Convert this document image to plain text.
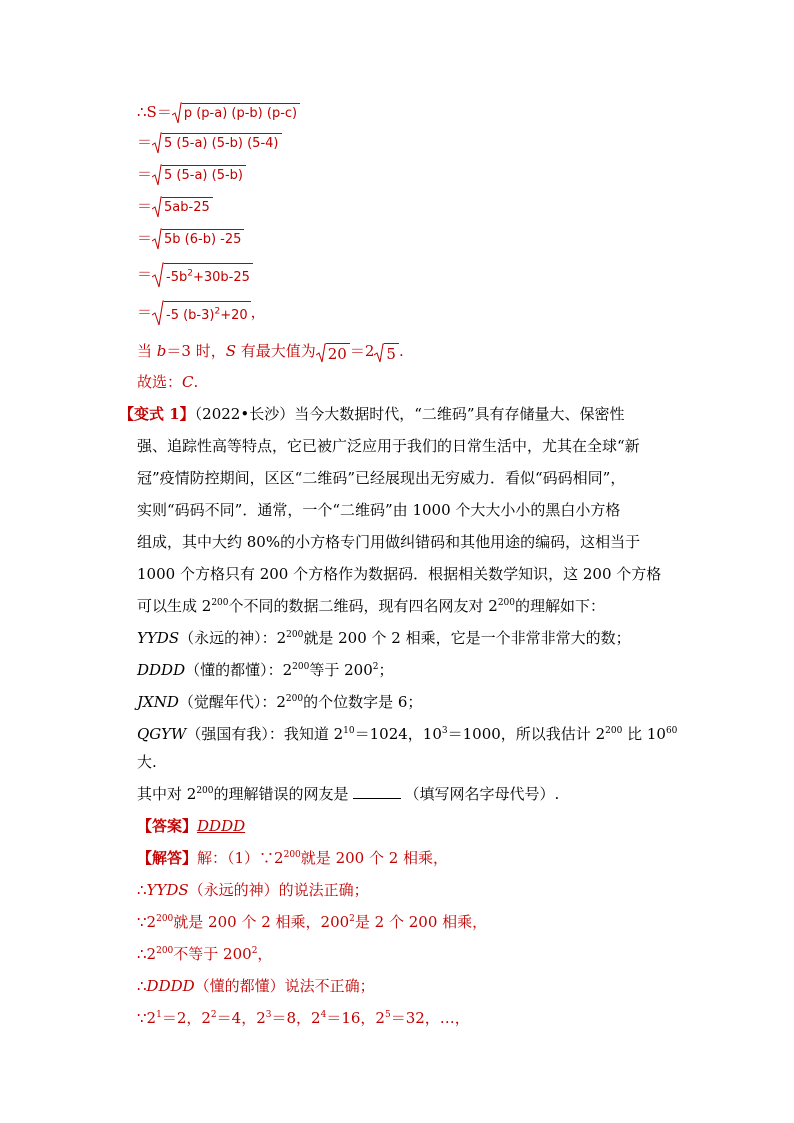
∴S＝ p (p-a) (p-b) (p-c)
＝ 5 (5-a) (5-b) (5-4)
＝ 5 (5-a) (5-b)
＝ 5ab-25
＝ 5b (6-b) -25
＝ $-5b^2+30b-25$
＝ -5 $(b-3)^2+20$ ，
当 b＝3 时，S 有最大值为 20 ＝2 5 .
故选：C.
【变式 1】（2022•长沙）当今大数据时代，“二维码”具有存储量大、保密性
强、追踪性高等特点，它已被广泛应用于我们的日常生活中，尤其在全球“新
冠”疫情防控期间，区区“二维码”已经展现出无穷威力．看似“码码相同”，
实则“码码不同”．通常，一个“二维码”由 1000 个大大小小的黑白小方格
组成，其中大约 80%的小方格专门用做纠错码和其他用途的编码，这相当于
1000 个方格只有 200 个方格作为数据码．根据相关数学知识，这 200 个方格
可以生成 $2^{200}$个不同的数据二维码，现有四名网友对 $2^{200}$的理解如下：
YYDS（永远的神）：$2^{200}$就是 200 个 2 相乘，它是一个非常非常大的数；
DDDD（懂的都懂）：$2^{200}$等于 $200^2$；
JXND（觉醒年代）：$2^{200}$的个位数字是 6；
QGYW（强国有我）：我知道 $2^{10}=1024$，$10^3=1000$，所以我估计 $2^{200}$ 比 $10^{60}$
大.
其中对 $2^{200}$的理解错误的网友是	（填写网名字母代号）.
【答案】DDDD
【解答】解：$(1)\because 2^{200}$就是 200 个 2 相乘，
∴YYDS（永远的神）的说法正确；
$\because 2^{200}$就是 200 个 2 相乘，$200^2$是 2 个 200 相乘，
$\therefore 2^{200}$不等于 $200^2$，
∴DDDD（懂的都懂）说法不正确；
$\because 2^1=2$，$2^2=4$，$2^3=8$，$2^4=16$，$2^5=32$，…，
